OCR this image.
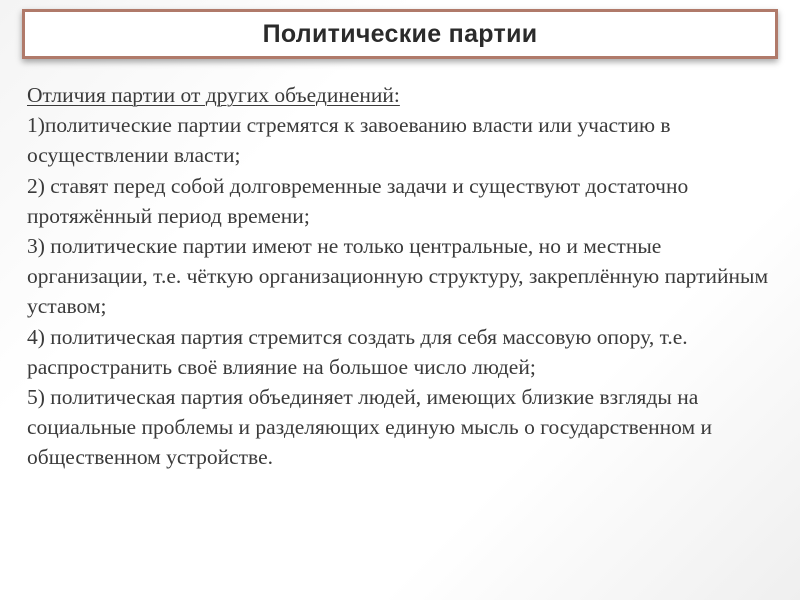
Политические партии
Отличия партии от других объединений:

1)политические партии стремятся к завоеванию власти или участию в осуществлении власти;

2) ставят перед собой долговременные задачи и существуют достаточно протяжённый период времени;

3) политические партии имеют не только центральные, но и местные организации, т.е. чёткую организационную структуру, закреплённую партийным уставом;

4) политическая партия стремится создать для себя массовую опору, т.е. распространить своё влияние на большое число людей;

5) политическая партия объединяет людей, имеющих близкие взгляды на социальные проблемы и разделяющих единую мысль о государственном и общественном устройстве.
